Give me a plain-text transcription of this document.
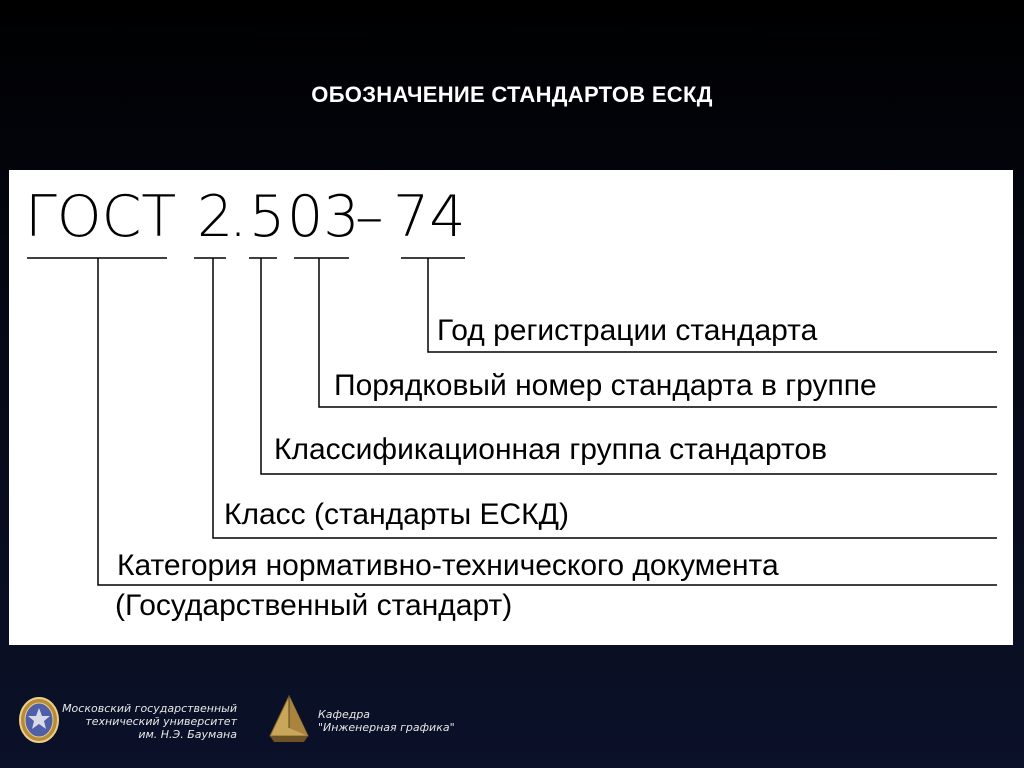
ОБОЗНАЧЕНИЕ СТАНДАРТОВ ЕСКД
ГОСТ 2
. 5 03
– 74
Год регистрации стандарта
Порядковый номер стандарта в группе
Классификационная группа стандартов
Класс (стандарты ЕСКД)
Категория нормативно-технического документа
(Государственный стандарт)
Московский государственный
технический университет
им. Н.Э. Баумана
Кафедра
"Инженерная графика"
